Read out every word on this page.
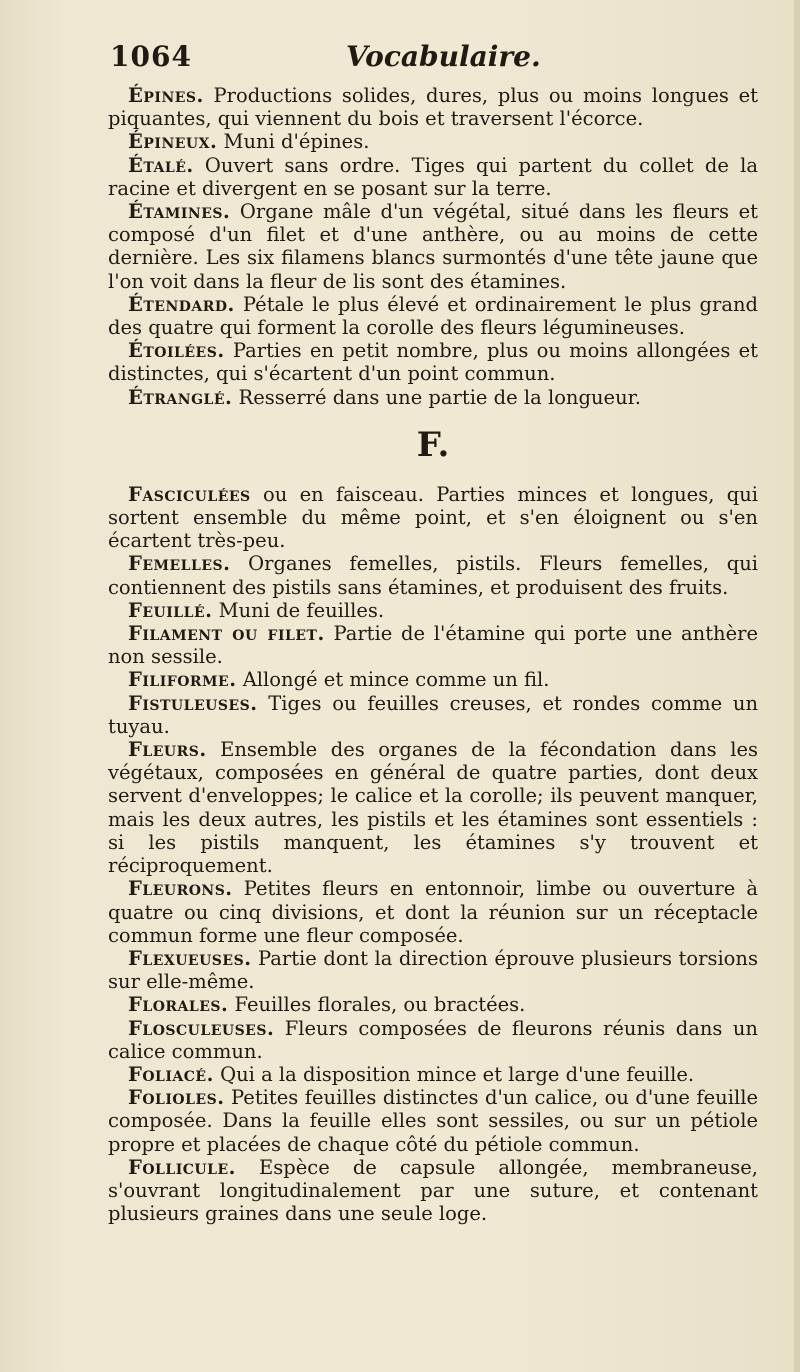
1064	Vocabulaire.

Épines. Productions solides, dures, plus ou moins longues et piquantes, qui viennent du bois et traversent l'écorce.

Épineux. Muni d'épines.

Étalé. Ouvert sans ordre. Tiges qui partent du collet de la racine et divergent en se posant sur la terre.

Étamines. Organe mâle d'un végétal, situé dans les fleurs et composé d'un filet et d'une anthère, ou au moins de cette dernière. Les six filamens blancs surmontés d'une tête jaune que l'on voit dans la fleur de lis sont des étamines.

Étendard. Pétale le plus élevé et ordinairement le plus grand des quatre qui forment la corolle des fleurs légumineuses.

Étoilées. Parties en petit nombre, plus ou moins allongées et distinctes, qui s'écartent d'un point commun.

Étranglé. Resserré dans une partie de la longueur.

F.

Fasciculées ou en faisceau. Parties minces et longues, qui sortent ensemble du même point, et s'en éloignent ou s'en écartent très-peu.

Femelles. Organes femelles, pistils. Fleurs femelles, qui contiennent des pistils sans étamines, et produisent des fruits.

Feuillé. Muni de feuilles.

Filament ou filet. Partie de l'étamine qui porte une anthère non sessile.

Filiforme. Allongé et mince comme un fil.

Fistuleuses. Tiges ou feuilles creuses, et rondes comme un tuyau.

Fleurs. Ensemble des organes de la fécondation dans les végétaux, composées en général de quatre parties, dont deux servent d'enveloppes; le calice et la corolle; ils peuvent manquer, mais les deux autres, les pistils et les étamines sont essentiels : si les pistils manquent, les étamines s'y trouvent et réciproquement.

Fleurons. Petites fleurs en entonnoir, limbe ou ouverture à quatre ou cinq divisions, et dont la réunion sur un réceptacle commun forme une fleur composée.

Flexueuses. Partie dont la direction éprouve plusieurs torsions sur elle-même.

Florales. Feuilles florales, ou bractées.

Flosculeuses. Fleurs composées de fleurons réunis dans un calice commun.

Foliacé. Qui a la disposition mince et large d'une feuille.

Folioles. Petites feuilles distinctes d'un calice, ou d'une feuille composée. Dans la feuille elles sont sessiles, ou sur un pétiole propre et placées de chaque côté du pétiole commun.

Follicule. Espèce de capsule allongée, membraneuse, s'ouvrant longitudinalement par une suture, et contenant plusieurs graines dans une seule loge.
